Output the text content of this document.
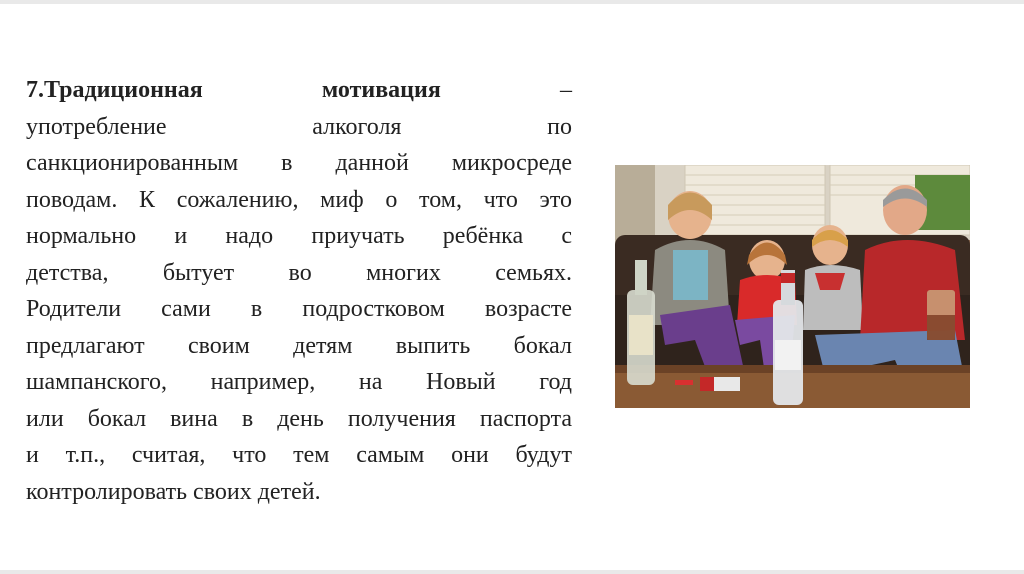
7.Традиционная	мотивация –
употребление алкоголя по
санкционированным в данной микросреде
поводам. К сожалению, миф о том, что это
нормально и надо приучать ребёнка с
детства, бытует во многих семьях.
Родители сами в подростковом возрасте
предлагают своим детям выпить бокал
шампанского, например, на Новый год
или бокал вина в день получения паспорта
и т.п., считая, что тем самым они будут
контролировать своих детей.
